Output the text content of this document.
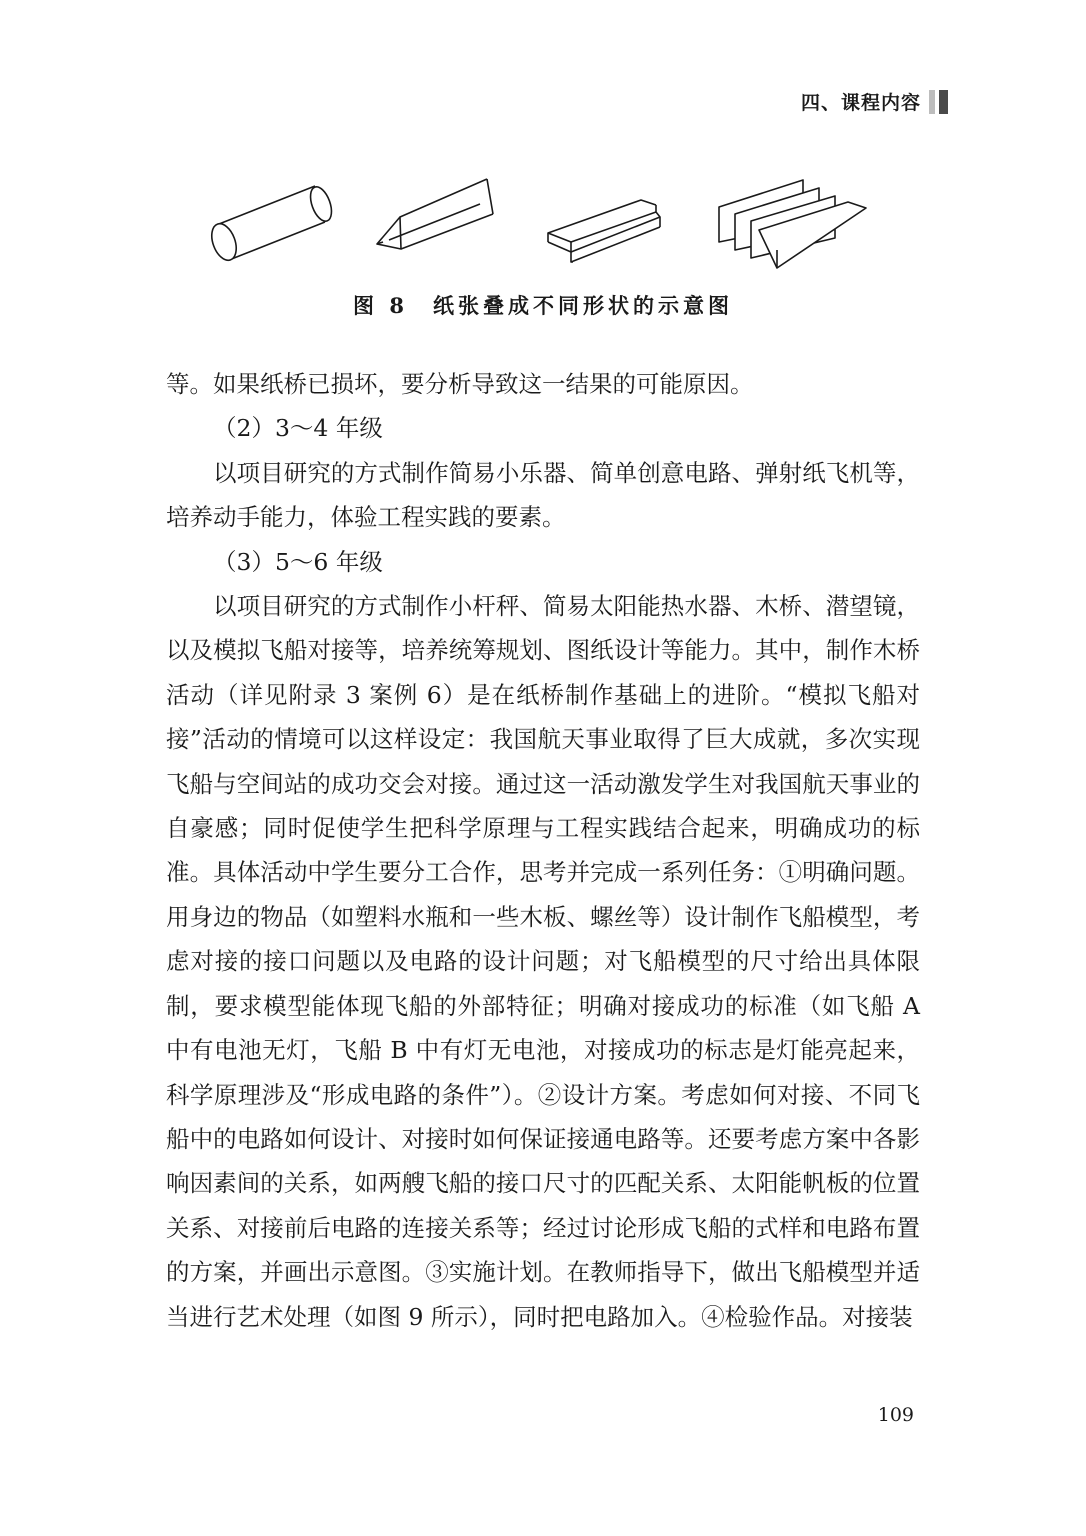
四、课程内容
图 8　纸张叠成不同形状的示意图

等。如果纸桥已损坏，要分析导致这一结果的可能原因。

（2）3～4 年级

以项目研究的方式制作简易小乐器、简单创意电路、弹射纸飞机等，培养动手能力，体验工程实践的要素。

（3）5～6 年级

以项目研究的方式制作小杆秤、简易太阳能热水器、木桥、潜望镜，以及模拟飞船对接等，培养统筹规划、图纸设计等能力。其中，制作木桥活动（详见附录 3 案例 6）是在纸桥制作基础上的进阶。“模拟飞船对接”活动的情境可以这样设定：我国航天事业取得了巨大成就，多次实现飞船与空间站的成功交会对接。通过这一活动激发学生对我国航天事业的自豪感；同时促使学生把科学原理与工程实践结合起来，明确成功的标准。具体活动中学生要分工合作，思考并完成一系列任务：①明确问题。用身边的物品（如塑料水瓶和一些木板、螺丝等）设计制作飞船模型，考虑对接的接口问题以及电路的设计问题；对飞船模型的尺寸给出具体限制，要求模型能体现飞船的外部特征；明确对接成功的标准（如飞船 A 中有电池无灯，飞船 B 中有灯无电池，对接成功的标志是灯能亮起来，科学原理涉及“形成电路的条件”）。②设计方案。考虑如何对接、不同飞船中的电路如何设计、对接时如何保证接通电路等。还要考虑方案中各影响因素间的关系，如两艘飞船的接口尺寸的匹配关系、太阳能帆板的位置关系、对接前后电路的连接关系等；经过讨论形成飞船的式样和电路布置的方案，并画出示意图。③实施计划。在教师指导下，做出飞船模型并适当进行艺术处理（如图 9 所示），同时把电路加入。④检验作品。对接装

109
